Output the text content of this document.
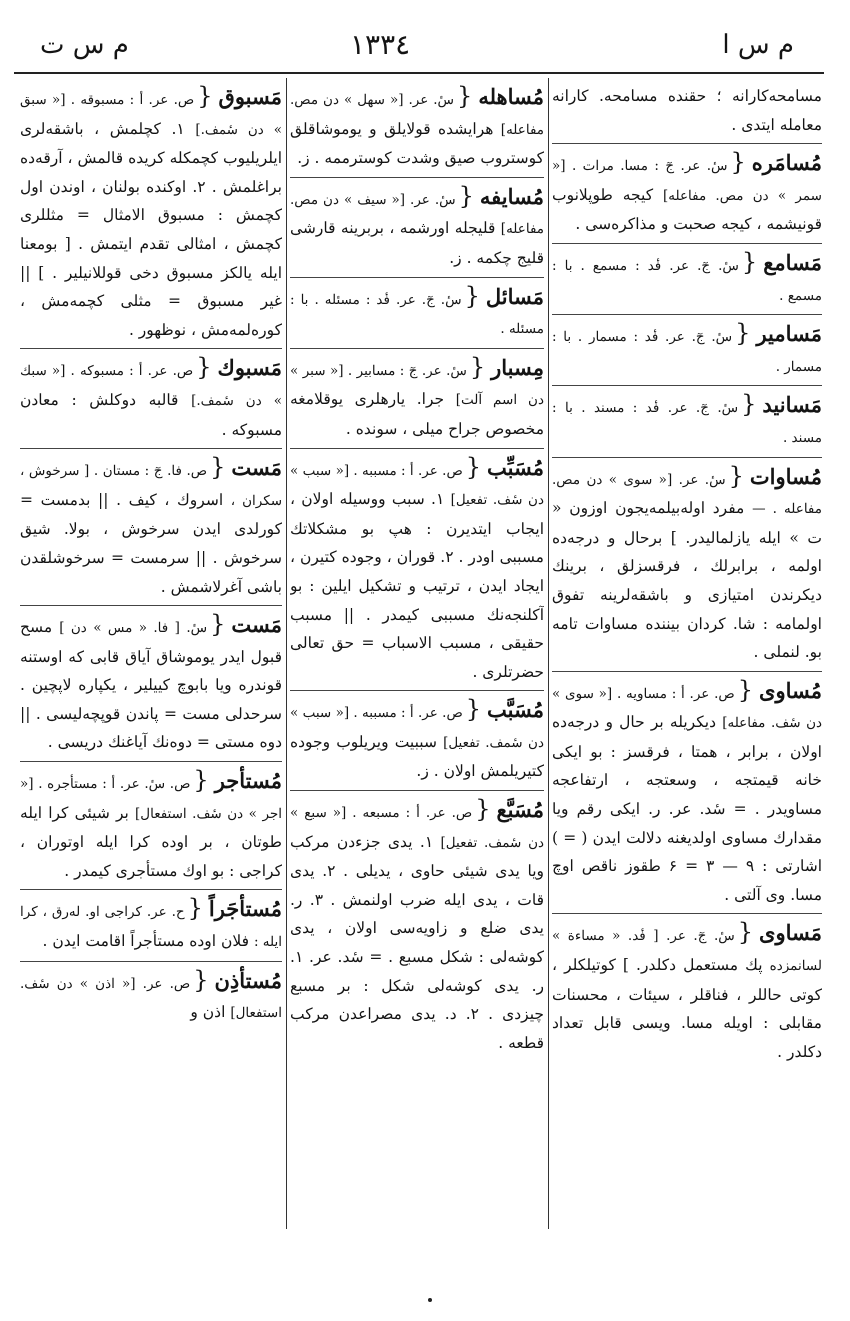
م س ت	١٣٣٤	م س ا
مسامحه‌کارانه ؛ حقنده مسامحه‌. کارانه معامله ایتدی .
مُسامَره{سٔ. عر. جٓ : مسا. مرات . [« سمر » دن مص. مفاعله] کیجه طوپلانوب قونیشمه ، کیجه صحبت و مذاکره‌سی .
مَسامع{سٔ. جٓ. عر. فٔد : مسمع . با : مسمع .
مَسامیر{سٔ. جٓ. عر. فٔد : مسمار . با : مسمار .
مَسانید{سٔ. جٓ. عر. فٔد : مسند . با : مسند .
مُساوات{سٔ. عر. [« سوی » دن مص. مفاعله . — مفرد اوله‌بیلمه‌یجون اوزون « ت » ایله یازلمالیدر. ] برحال و درجه‌ده اولمه ، برابرلك ، فرقسزلق ، برینك دیکرندن امتیازی و باشقه‌لرینه تفوق اولمامه : شا. کردان بیننده مساوات تامه بو. لنملی .
مُساوی{ص. عر. أ : مساویه . [« سوی » دن سٔف. مفاعله] دیکریله بر حال و درجه‌ده اولان ، برابر ، همتا ، فرقسز : بو ایکی خانه قیمتجه ، وسعتجه ، ارتفاعجه مساویدر . = سٔد. عر. ر. ایکی رقم ویا مقدارك مساوی اولدیغنه دلالت ایدن ( = ) اشارتی : ۹ — ۳ = ۶ طقوز ناقص اوچ مسا. وی آلتی .
مَساوی{سٔ. جٓ. عر. [ فٔد. « مساءة » لسانمزده پك مستعمل دکلدر. ] کوتیلکلر ، کوتی حاللر ، فناقلر ، سیئات ، محسنات مقابلی : اویله مسا. ویسی قابل تعداد دکلدر .
مُساهله{سٔ. عر. [« سهل » دن مص. مفاعله] هرایشده قولایلق و یوموشاقلق کوسترو‌ب صیق وشدت کوسترممه . ز.
مُسایفه{سٔ. عر. [« سیف » دن مص. مفاعله] قلیجله اورشمه ، بربرینه قارشی قلیج چکمه . ز.
مَسائل{سٔ. جٓ. عر. فٔد : مسئله . با : مسئله .
مِسبار{سٔ. عر. جٓ : مسابیر . [« سبر » دن اسم آلت] جرا. یارهلری یوقلامغه مخصوص جراح میلی ، سونده .
مُسَبِّب{ص. عر. أ : مسببه . [« سبب » دن سٔف. تفعیل] ١. سبب ووسیله اولان ، ایجاب ایتدیرن : هپ بو مشکلاتك مسببی اودر . ٢. قوران ، وجوده کتیرن ، ایجاد ایدن ، ترتیب و تشکیل ایلین : بو آکلنجه‌نك مسببی کیمدر . || مسبب حقیقی ، مسبب الاسباب = حق تعالی حضرتلری .
مُسَبَّب{ص. عر. أ : مسببه . [« سبب » دن سٔمف. تفعیل] سببیت ویریلوب وجوده کتیریلمش اولان . ز.
مُسَبَّع{ص. عر. أ : مسبعه . [« سبع » دن سٔمف. تفعیل] ١. یدی جزءدن مرکب ویا یدی شیئی حاوی ، یدیلی . ٢. یدی قات ، یدی ایله ضرب اولنمش . ٣. ر. یدی ضلع و زاویه‌سی اولان ، یدی کوشه‌لی : شکل مسبع . = سٔد. عر. ١. ر. یدی کوشه‌لی شکل : بر مسبع چیزدی . ٢. د. یدی مصراعدن مرکب قطعه .
مَسبوق{ص. عر. أ : مسبوقه . [« سبق » دن سٔمف.] ١. کچلمش ، باشقه‌لری ایلریلیوب کچمکله کریده قالمش ، آرقه‌ده براغلمش . ٢. اوکنده بولنان ، اوندن اول کچمش : مسبوق الامثال = مثللری کچمش ، امثالی تقدم ایتمش . [ بومعنا ایله یالکز مسبوق دخی قوللانیلیر . ] || غیر مسبوق = مثلی کچمه‌مش ، کوره‌لمه‌مش ، نوظهور .
مَسبوك{ص. عر. أ : مسبوکه . [« سبك » دن سٔمف.] قالبه دوکلش : معادن مسبوکه .
مَست{ص. فا. جٓ : مستان . [ سرخوش ، سکران ، اسروك ، کیف . || بدمست = کورلدی ایدن سرخوش ، بولا. شیق سرخوش . || سرمست = سرخوشلقدن باشی آغرلاشمش .
مَست{سٔ. [ فا. « مس » دن ] مسح قبول ایدر یوموشاق آیاق قابی که اوستنه قوندره ویا بابوچ کییلیر ، یکپاره لاپچین . سرحدلی مست = پاندن قوپچه‌لیسی . || دوه مستی = دوه‌نك آیاغنك دریسی .
مُستأجر{ص. سٔ. عر. أ : مستأجره . [« اجر » دن سٔف. استفعال] بر شیئی کرا ایله طوتان ، بر اوده کرا ایله اوتوران ، کراجی : بو اوك مستأجری کیمدر .
مُستأجَراً{ح. عر. کراجی او. لەرق ، کرا ایله : فلان اوده مستأجراً اقامت ایدن .
مُستأذِن{ص. عر. [« اذن » دن سٔف. استفعال] اذن و
